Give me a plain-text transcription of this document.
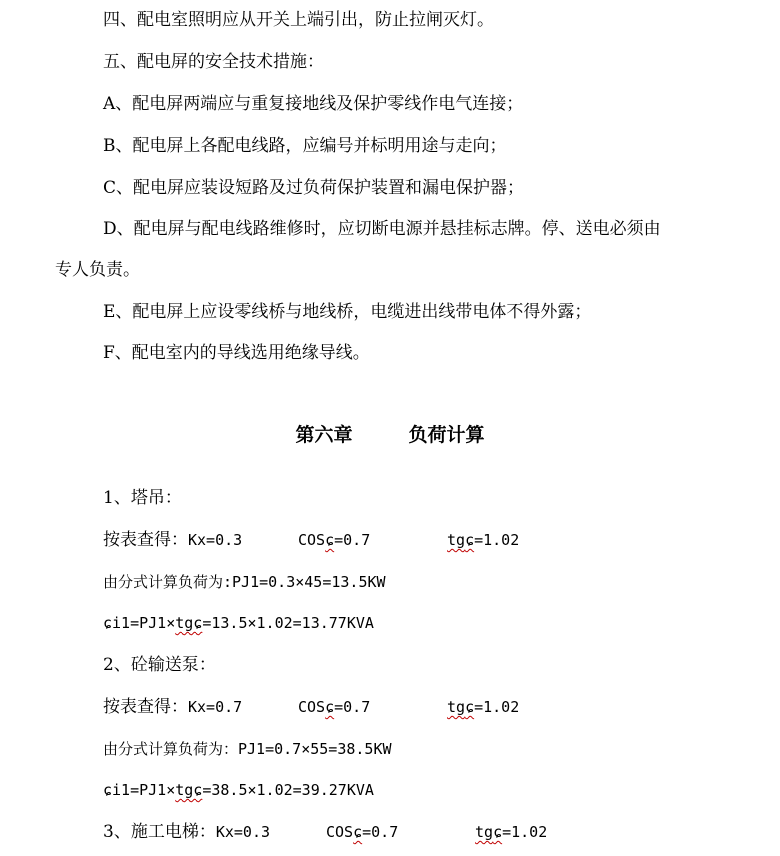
四、配电室照明应从开关上端引出，防止拉闸灭灯。
五、配电屏的安全技术措施：
A、配电屏两端应与重复接地线及保护零线作电气连接；
B、配电屏上各配电线路，应编号并标明用途与走向；
C、配电屏应装设短路及过负荷保护装置和漏电保护器；
D、配电屏与配电线路维修时，应切断电源并悬挂标志牌。停、送电必须由
专人负责。
E、配电屏上应设零线桥与地线桥，电缆进出线带电体不得外露；
F、配电室内的导线选用绝缘导线。
第六章	负荷计算
1、塔吊：
按表查得：Kx=0.3	COSɕ=0.7	tgɕ=1.02
由分式计算负荷为:PJ1=0.3×45=13.5KW
ɕi1=PJ1×tgɕ=13.5×1.02=13.77KVA
2、砼输送泵：
按表查得：Kx=0.7	COSɕ=0.7	tgɕ=1.02
由分式计算负荷为：PJ1=0.7×55=38.5KW
ɕi1=PJ1×tgɕ=38.5×1.02=39.27KVA
3、施工电梯：Kx=0.3	COSɕ=0.7	tgɕ=1.02
